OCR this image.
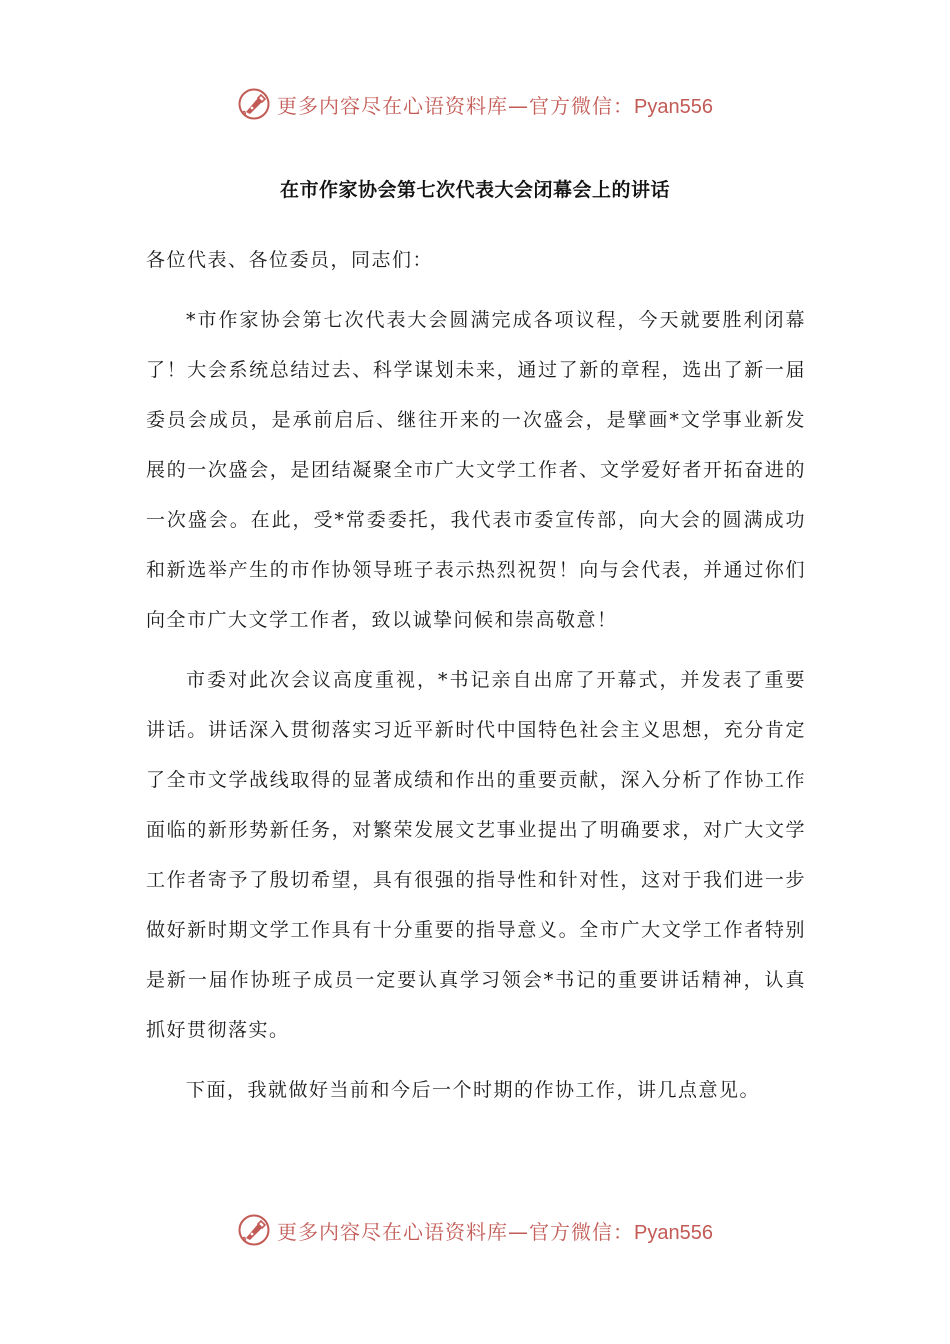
更多内容尽在心语资料库—官方微信：Pyan556
在市作家协会第七次代表大会闭幕会上的讲话

各位代表、各位委员，同志们：

*市作家协会第七次代表大会圆满完成各项议程，今天就要胜利闭幕了！大会系统总结过去、科学谋划未来，通过了新的章程，选出了新一届委员会成员，是承前启后、继往开来的一次盛会，是擘画*文学事业新发展的一次盛会，是团结凝聚全市广大文学工作者、文学爱好者开拓奋进的一次盛会。在此，受*常委委托，我代表市委宣传部，向大会的圆满成功和新选举产生的市作协领导班子表示热烈祝贺！向与会代表，并通过你们向全市广大文学工作者，致以诚挚问候和崇高敬意！

市委对此次会议高度重视，*书记亲自出席了开幕式，并发表了重要讲话。讲话深入贯彻落实习近平新时代中国特色社会主义思想，充分肯定了全市文学战线取得的显著成绩和作出的重要贡献，深入分析了作协工作面临的新形势新任务，对繁荣发展文艺事业提出了明确要求，对广大文学工作者寄予了殷切希望，具有很强的指导性和针对性，这对于我们进一步做好新时期文学工作具有十分重要的指导意义。全市广大文学工作者特别是新一届作协班子成员一定要认真学习领会*书记的重要讲话精神，认真抓好贯彻落实。

下面，我就做好当前和今后一个时期的作协工作，讲几点意见。

更多内容尽在心语资料库—官方微信：Pyan556
